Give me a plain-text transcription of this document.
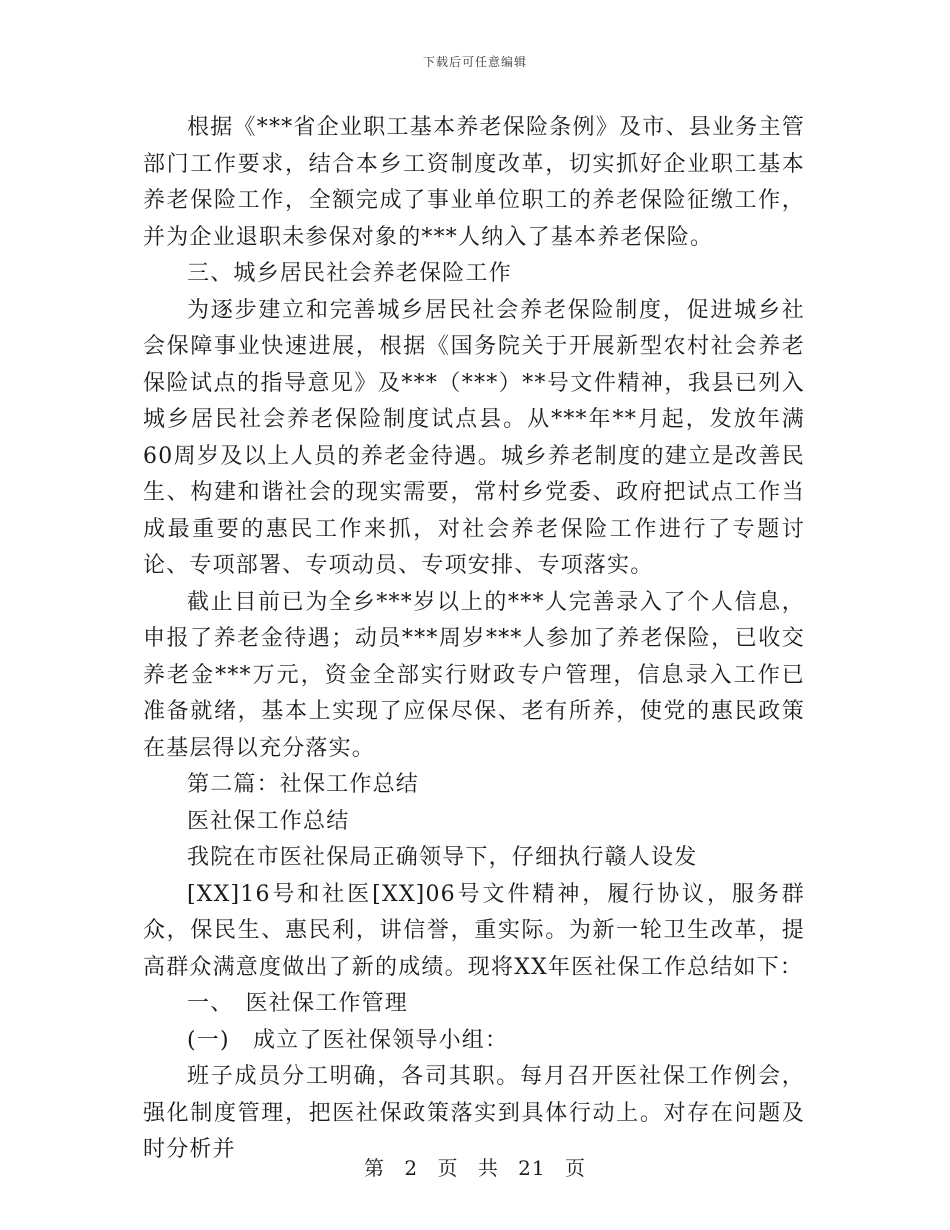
下载后可任意编辑

根据《***省企业职工基本养老保险条例》及市、县业务主管部门工作要求，结合本乡工资制度改革，切实抓好企业职工基本养老保险工作，全额完成了事业单位职工的养老保险征缴工作，并为企业退职未参保对象的***人纳入了基本养老保险。

三、城乡居民社会养老保险工作

为逐步建立和完善城乡居民社会养老保险制度，促进城乡社会保障事业快速进展，根据《国务院关于开展新型农村社会养老保险试点的指导意见》及***（***）**号文件精神，我县已列入城乡居民社会养老保险制度试点县。从***年**月起，发放年满60周岁及以上人员的养老金待遇。城乡养老制度的建立是改善民生、构建和谐社会的现实需要，常村乡党委、政府把试点工作当成最重要的惠民工作来抓，对社会养老保险工作进行了专题讨论、专项部署、专项动员、专项安排、专项落实。

截止目前已为全乡***岁以上的***人完善录入了个人信息，申报了养老金待遇；动员***周岁***人参加了养老保险，已收交养老金***万元，资金全部实行财政专户管理，信息录入工作已准备就绪，基本上实现了应保尽保、老有所养，使党的惠民政策在基层得以充分落实。

第二篇：社保工作总结

医社保工作总结

我院在市医社保局正确领导下，仔细执行赣人设发

[XX]16号和社医[XX]06号文件精神，履行协议，服务群众，保民生、惠民利，讲信誉，重实际。为新一轮卫生改革，提高群众满意度做出了新的成绩。现将XX年医社保工作总结如下：

一、　医社保工作管理

(一)　成立了医社保领导小组：

班子成员分工明确，各司其职。每月召开医社保工作例会，强化制度管理，把医社保政策落实到具体行动上。对存在问题及时分析并

第 2 页 共 21 页
